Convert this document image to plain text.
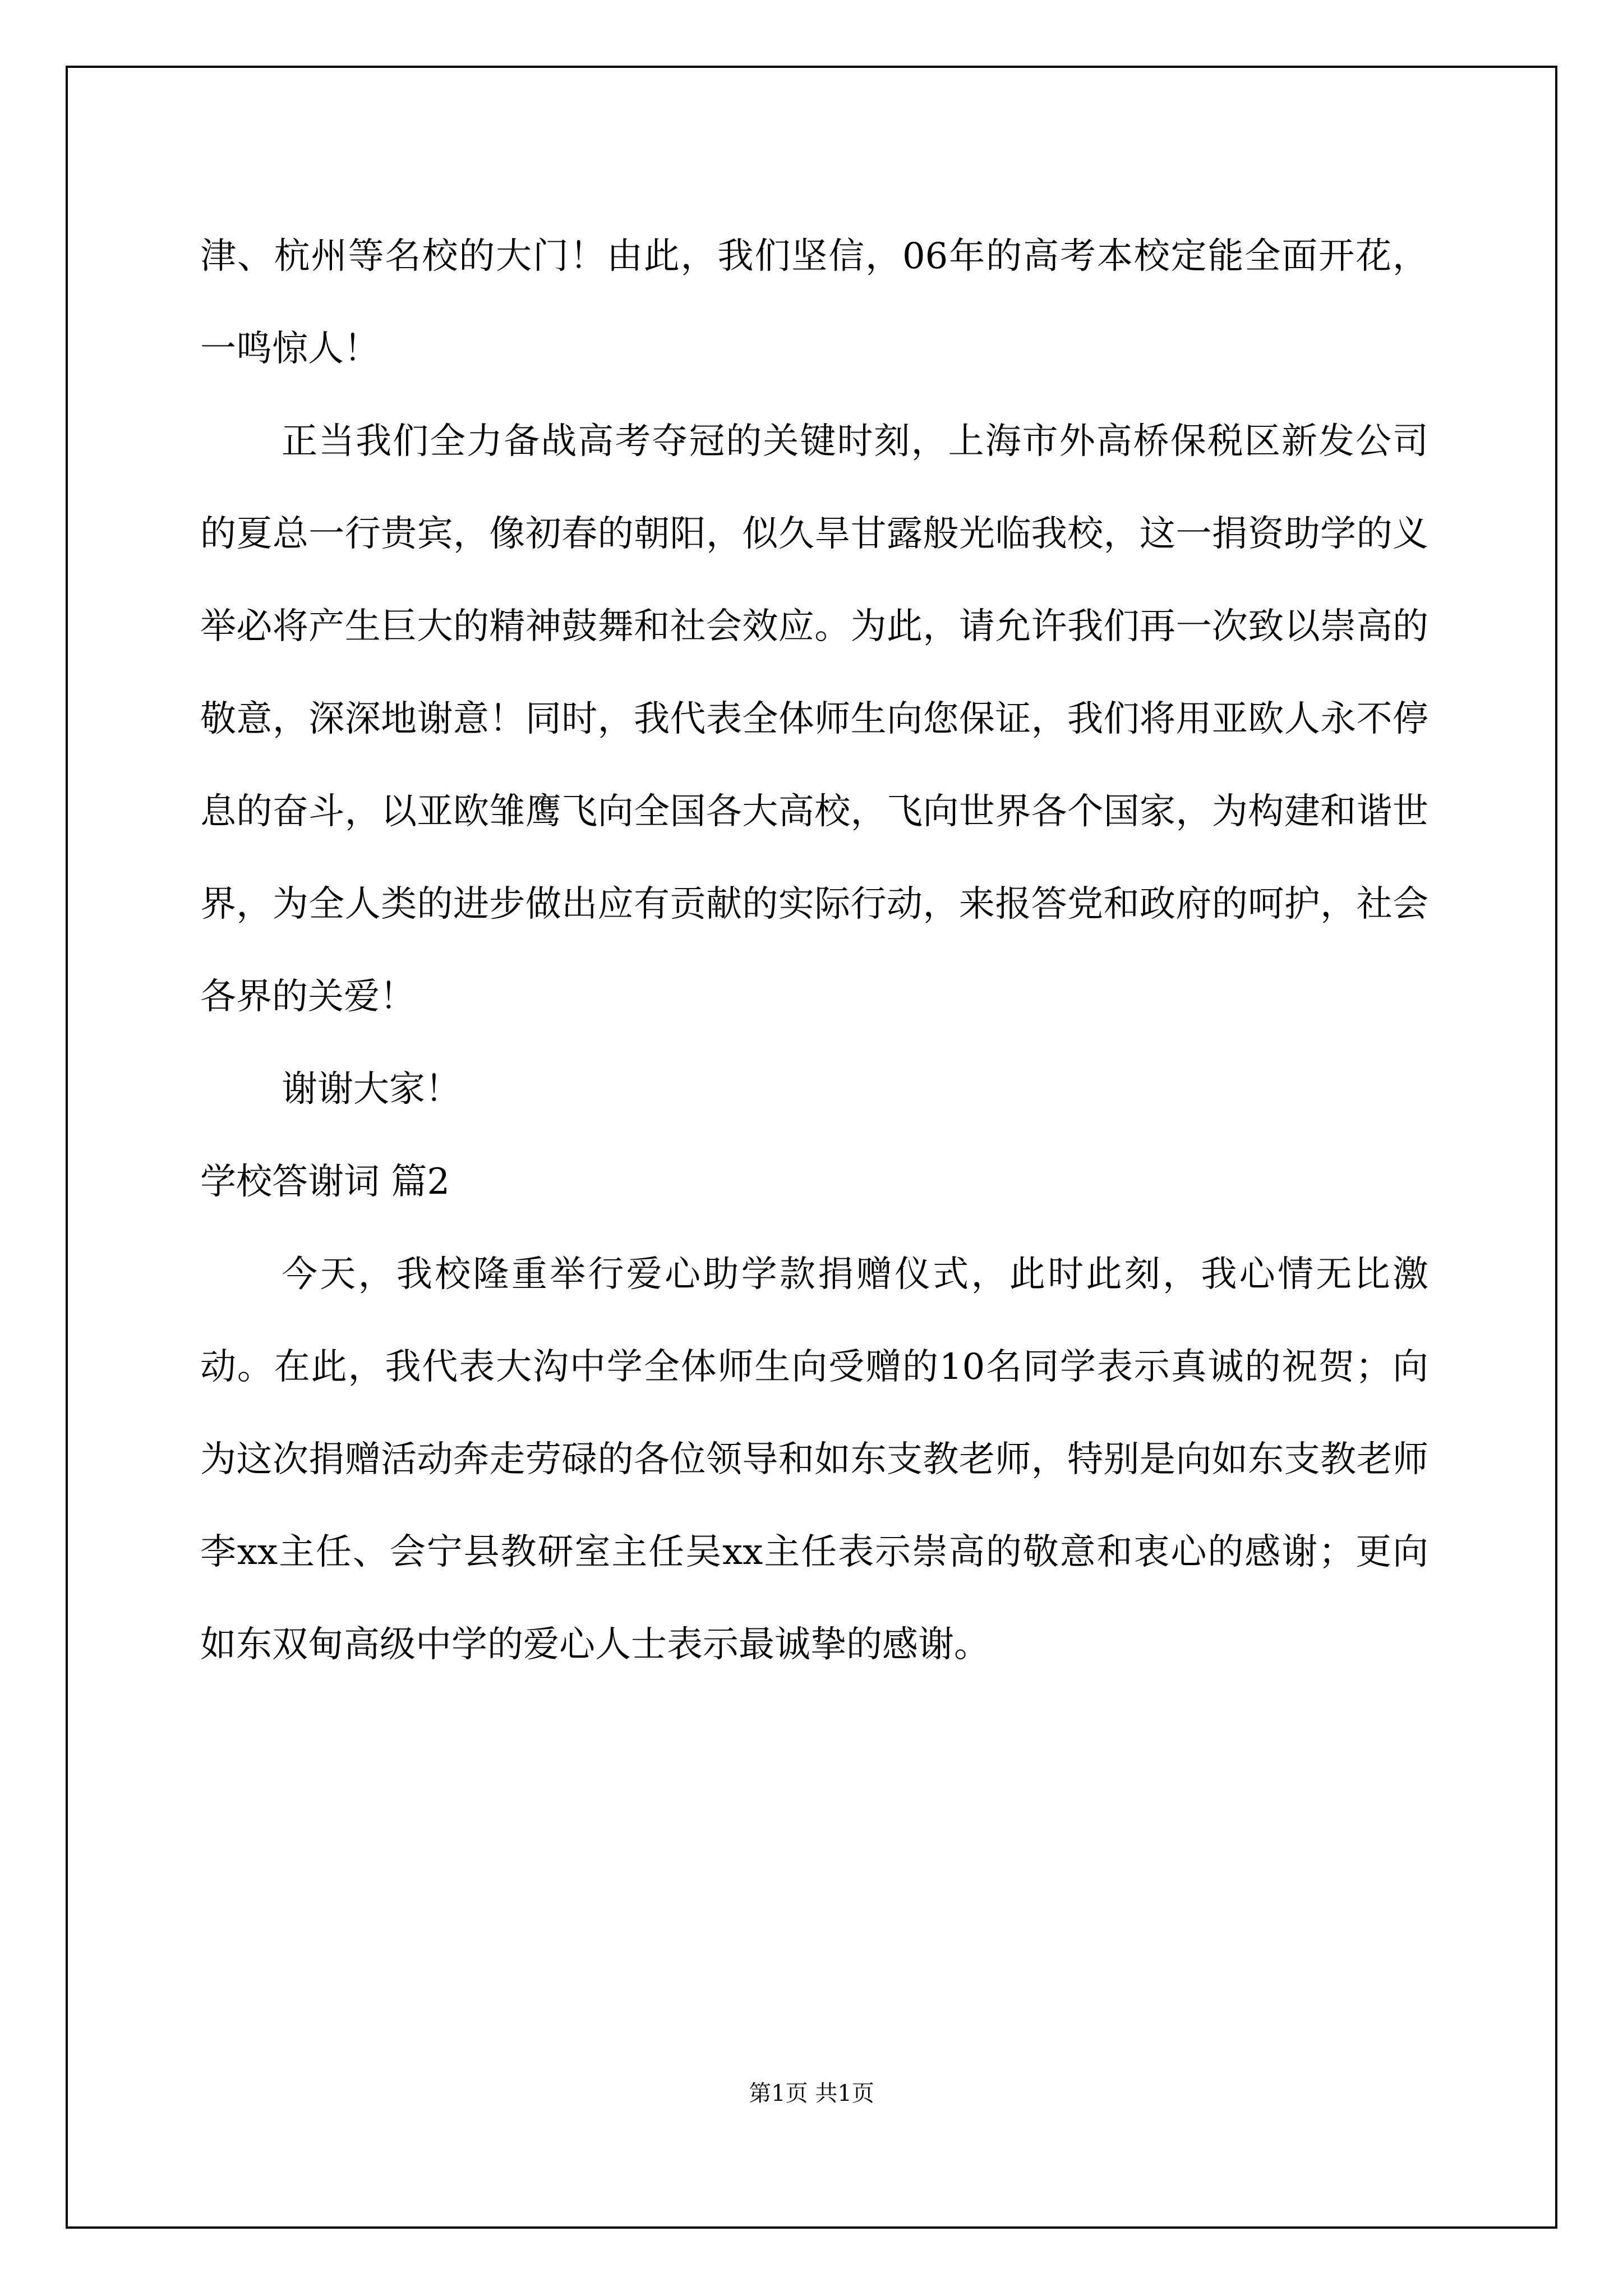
津、杭州等名校的大门！由此，我们坚信，06年的高考本校定能全面开花，一鸣惊人！

正当我们全力备战高考夺冠的关键时刻，上海市外高桥保税区新发公司的夏总一行贵宾，像初春的朝阳，似久旱甘露般光临我校，这一捐资助学的义举必将产生巨大的精神鼓舞和社会效应。为此，请允许我们再一次致以崇高的敬意，深深地谢意！同时，我代表全体师生向您保证，我们将用亚欧人永不停息的奋斗，以亚欧雏鹰飞向全国各大高校，飞向世界各个国家，为构建和谐世界，为全人类的进步做出应有贡献的实际行动，来报答党和政府的呵护，社会各界的关爱！

谢谢大家！

学校答谢词 篇2

今天，我校隆重举行爱心助学款捐赠仪式，此时此刻，我心情无比激动。在此，我代表大沟中学全体师生向受赠的10名同学表示真诚的祝贺；向为这次捐赠活动奔走劳碌的各位领导和如东支教老师，特别是向如东支教老师李xx主任、会宁县教研室主任吴xx主任表示崇高的敬意和衷心的感谢；更向如东双甸高级中学的爱心人士表示最诚挚的感谢。

第1页 共1页
